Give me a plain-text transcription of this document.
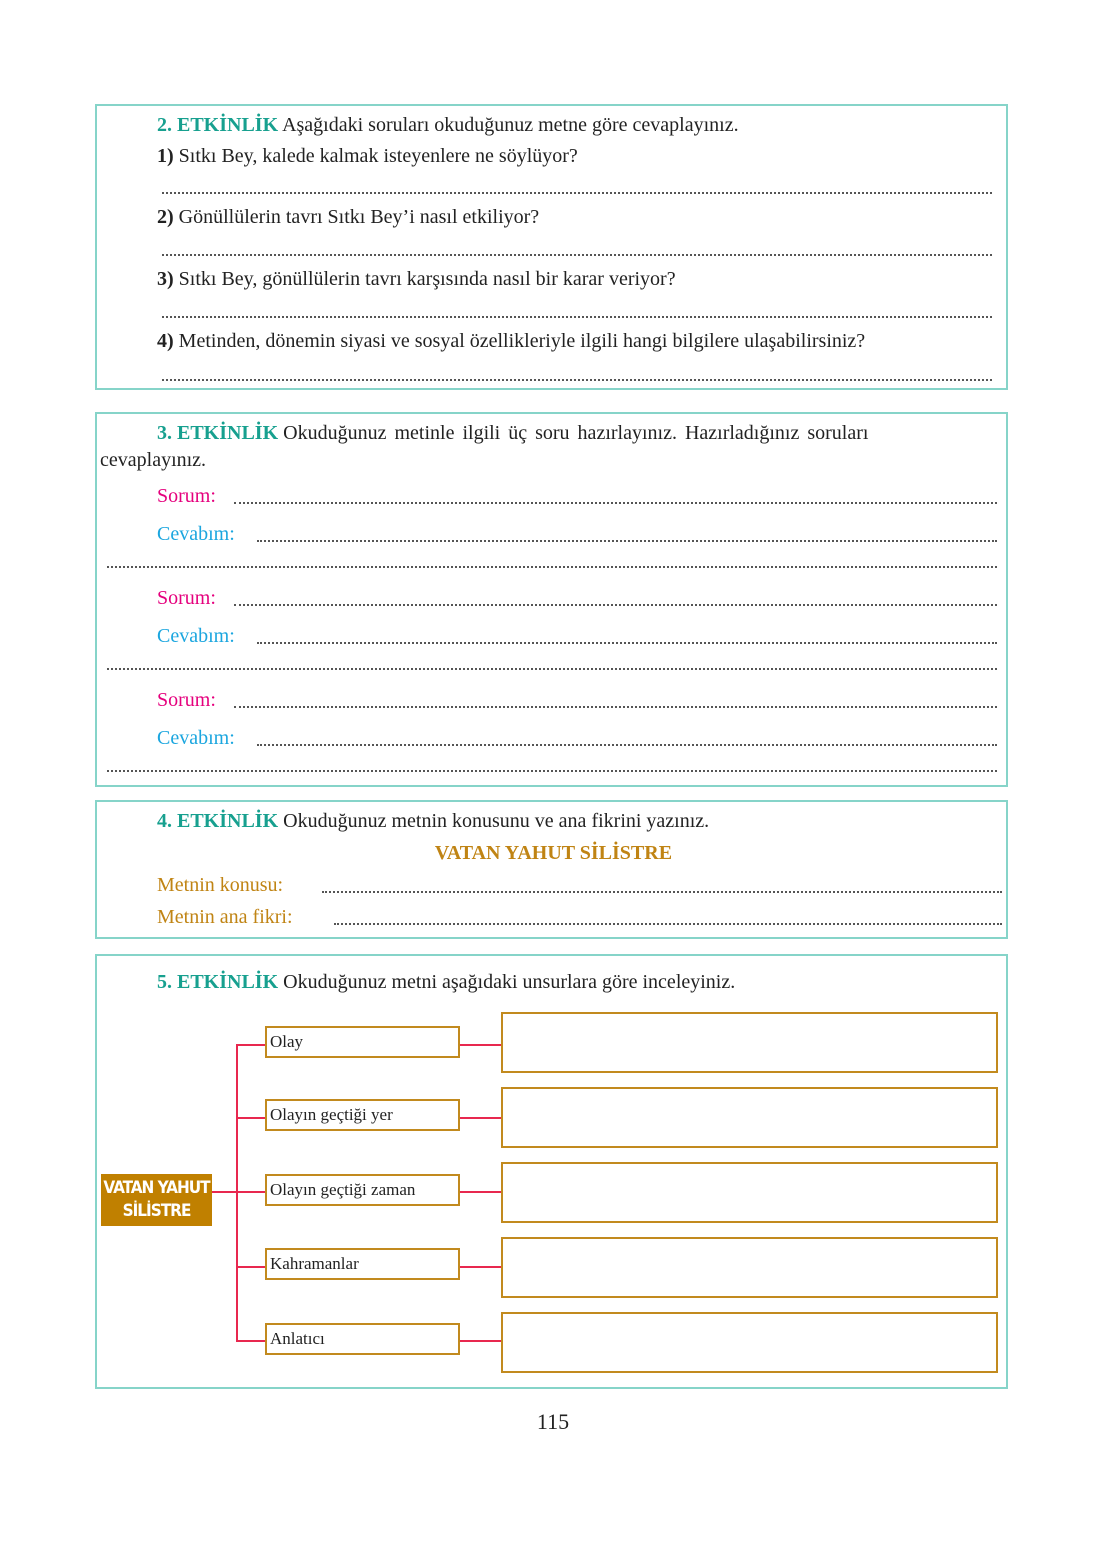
2. ETKİNLİK Aşağıdaki soruları okuduğunuz metne göre cevaplayınız.
1) Sıtkı Bey, kalede kalmak isteyenlere ne söylüyor?
2) Gönüllülerin tavrı Sıtkı Bey’i nasıl etkiliyor?
3) Sıtkı Bey, gönüllülerin tavrı karşısında nasıl bir karar veriyor?
4) Metinden, dönemin siyasi ve sosyal özellikleriyle ilgili hangi bilgilere ulaşabilirsiniz?
3. ETKİNLİK Okuduğunuz metinle ilgili üç soru hazırlayınız. Hazırladığınız soruları
cevaplayınız.
Sorum:
Cevabım:
Sorum:
Cevabım:
Sorum:
Cevabım:
4. ETKİNLİK Okuduğunuz metnin konusunu ve ana fikrini yazınız.
VATAN YAHUT SİLİSTRE
Metnin konusu:
Metnin ana fikri:
5. ETKİNLİK Okuduğunuz metni aşağıdaki unsurlara göre inceleyiniz.
VATAN YAHUT
SİLİSTRE
Olay
Olayın geçtiği yer
Olayın geçtiği zaman
Kahramanlar
Anlatıcı
115
